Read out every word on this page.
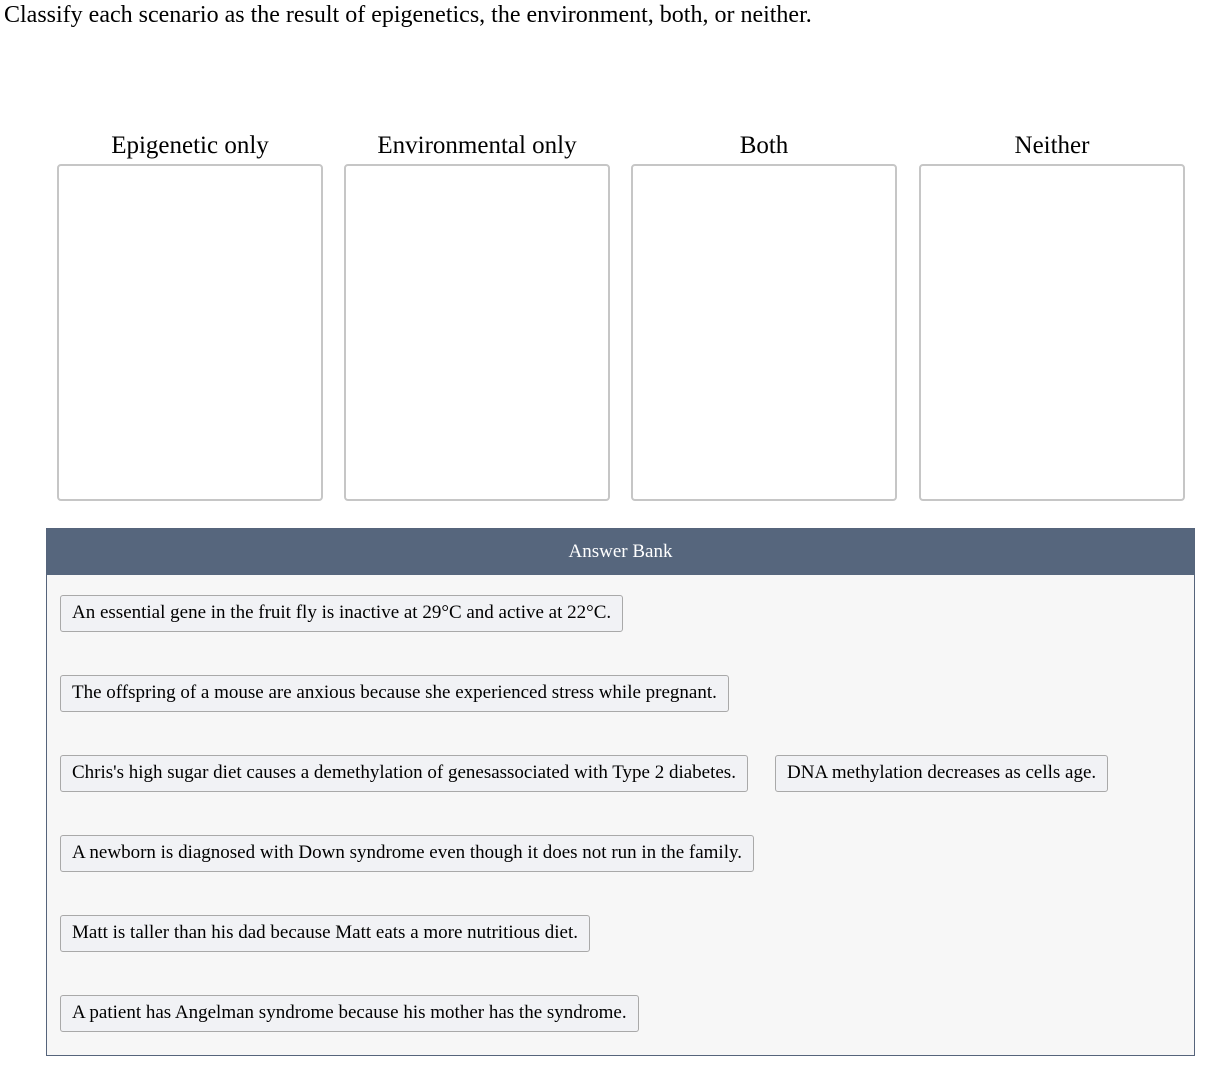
Classify each scenario as the result of epigenetics, the environment, both, or neither.
Epigenetic only	Environmental only	Both	Neither
Answer Bank
An essential gene in the fruit fly is inactive at 29°C and active at 22°C.
The offspring of a mouse are anxious because she experienced stress while pregnant.
Chris's high sugar diet causes a demethylation of genesassociated with Type 2 diabetes.	DNA methylation decreases as cells age.
A newborn is diagnosed with Down syndrome even though it does not run in the family.
Matt is taller than his dad because Matt eats a more nutritious diet.
A patient has Angelman syndrome because his mother has the syndrome.
